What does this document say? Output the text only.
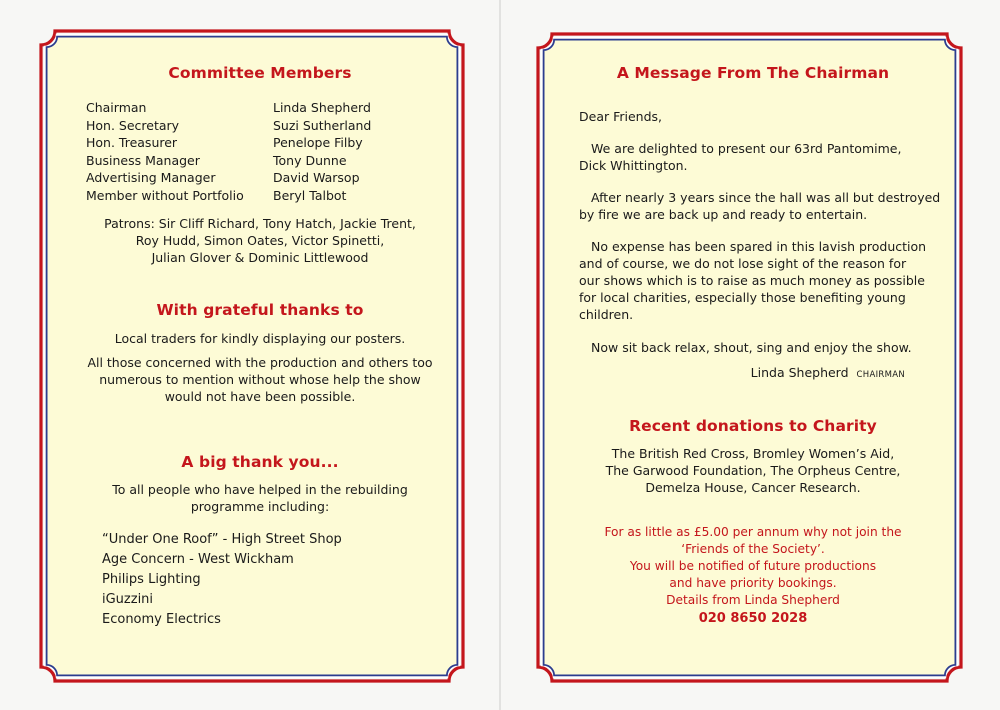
Committee Members
Chairman
Hon. Secretary
Hon. Treasurer
Business Manager
Advertising Manager
Member without Portfolio
Linda Shepherd
Suzi Sutherland
Penelope Filby
Tony Dunne
David Warsop
Beryl Talbot
Patrons: Sir Cliff Richard, Tony Hatch, Jackie Trent,
Roy Hudd, Simon Oates, Victor Spinetti,
Julian Glover & Dominic Littlewood
With grateful thanks to
Local traders for kindly displaying our posters.
All those concerned with the production and others too
numerous to mention without whose help the show
would not have been possible.
A big thank you...
To all people who have helped in the rebuilding
programme including:
“Under One Roof” - High Street Shop
Age Concern - West Wickham
Philips Lighting
iGuzzini
Economy Electrics
A Message From The Chairman
Dear Friends,
We are delighted to present our 63rd Pantomime,
Dick Whittington.
After nearly 3 years since the hall was all but destroyed
by fire we are back up and ready to entertain.
No expense has been spared in this lavish production
and of course, we do not lose sight of the reason for
our shows which is to raise as much money as possible
for local charities, especially those benefiting young
children.
Now sit back relax, shout, sing and enjoy the show.
Linda Shepherd CHAIRMAN
Recent donations to Charity
The British Red Cross, Bromley Women’s Aid,
The Garwood Foundation, The Orpheus Centre,
Demelza House, Cancer Research.
For as little as £5.00 per annum why not join the
‘Friends of the Society’.
You will be notified of future productions
and have priority bookings.
Details from Linda Shepherd
020 8650 2028
